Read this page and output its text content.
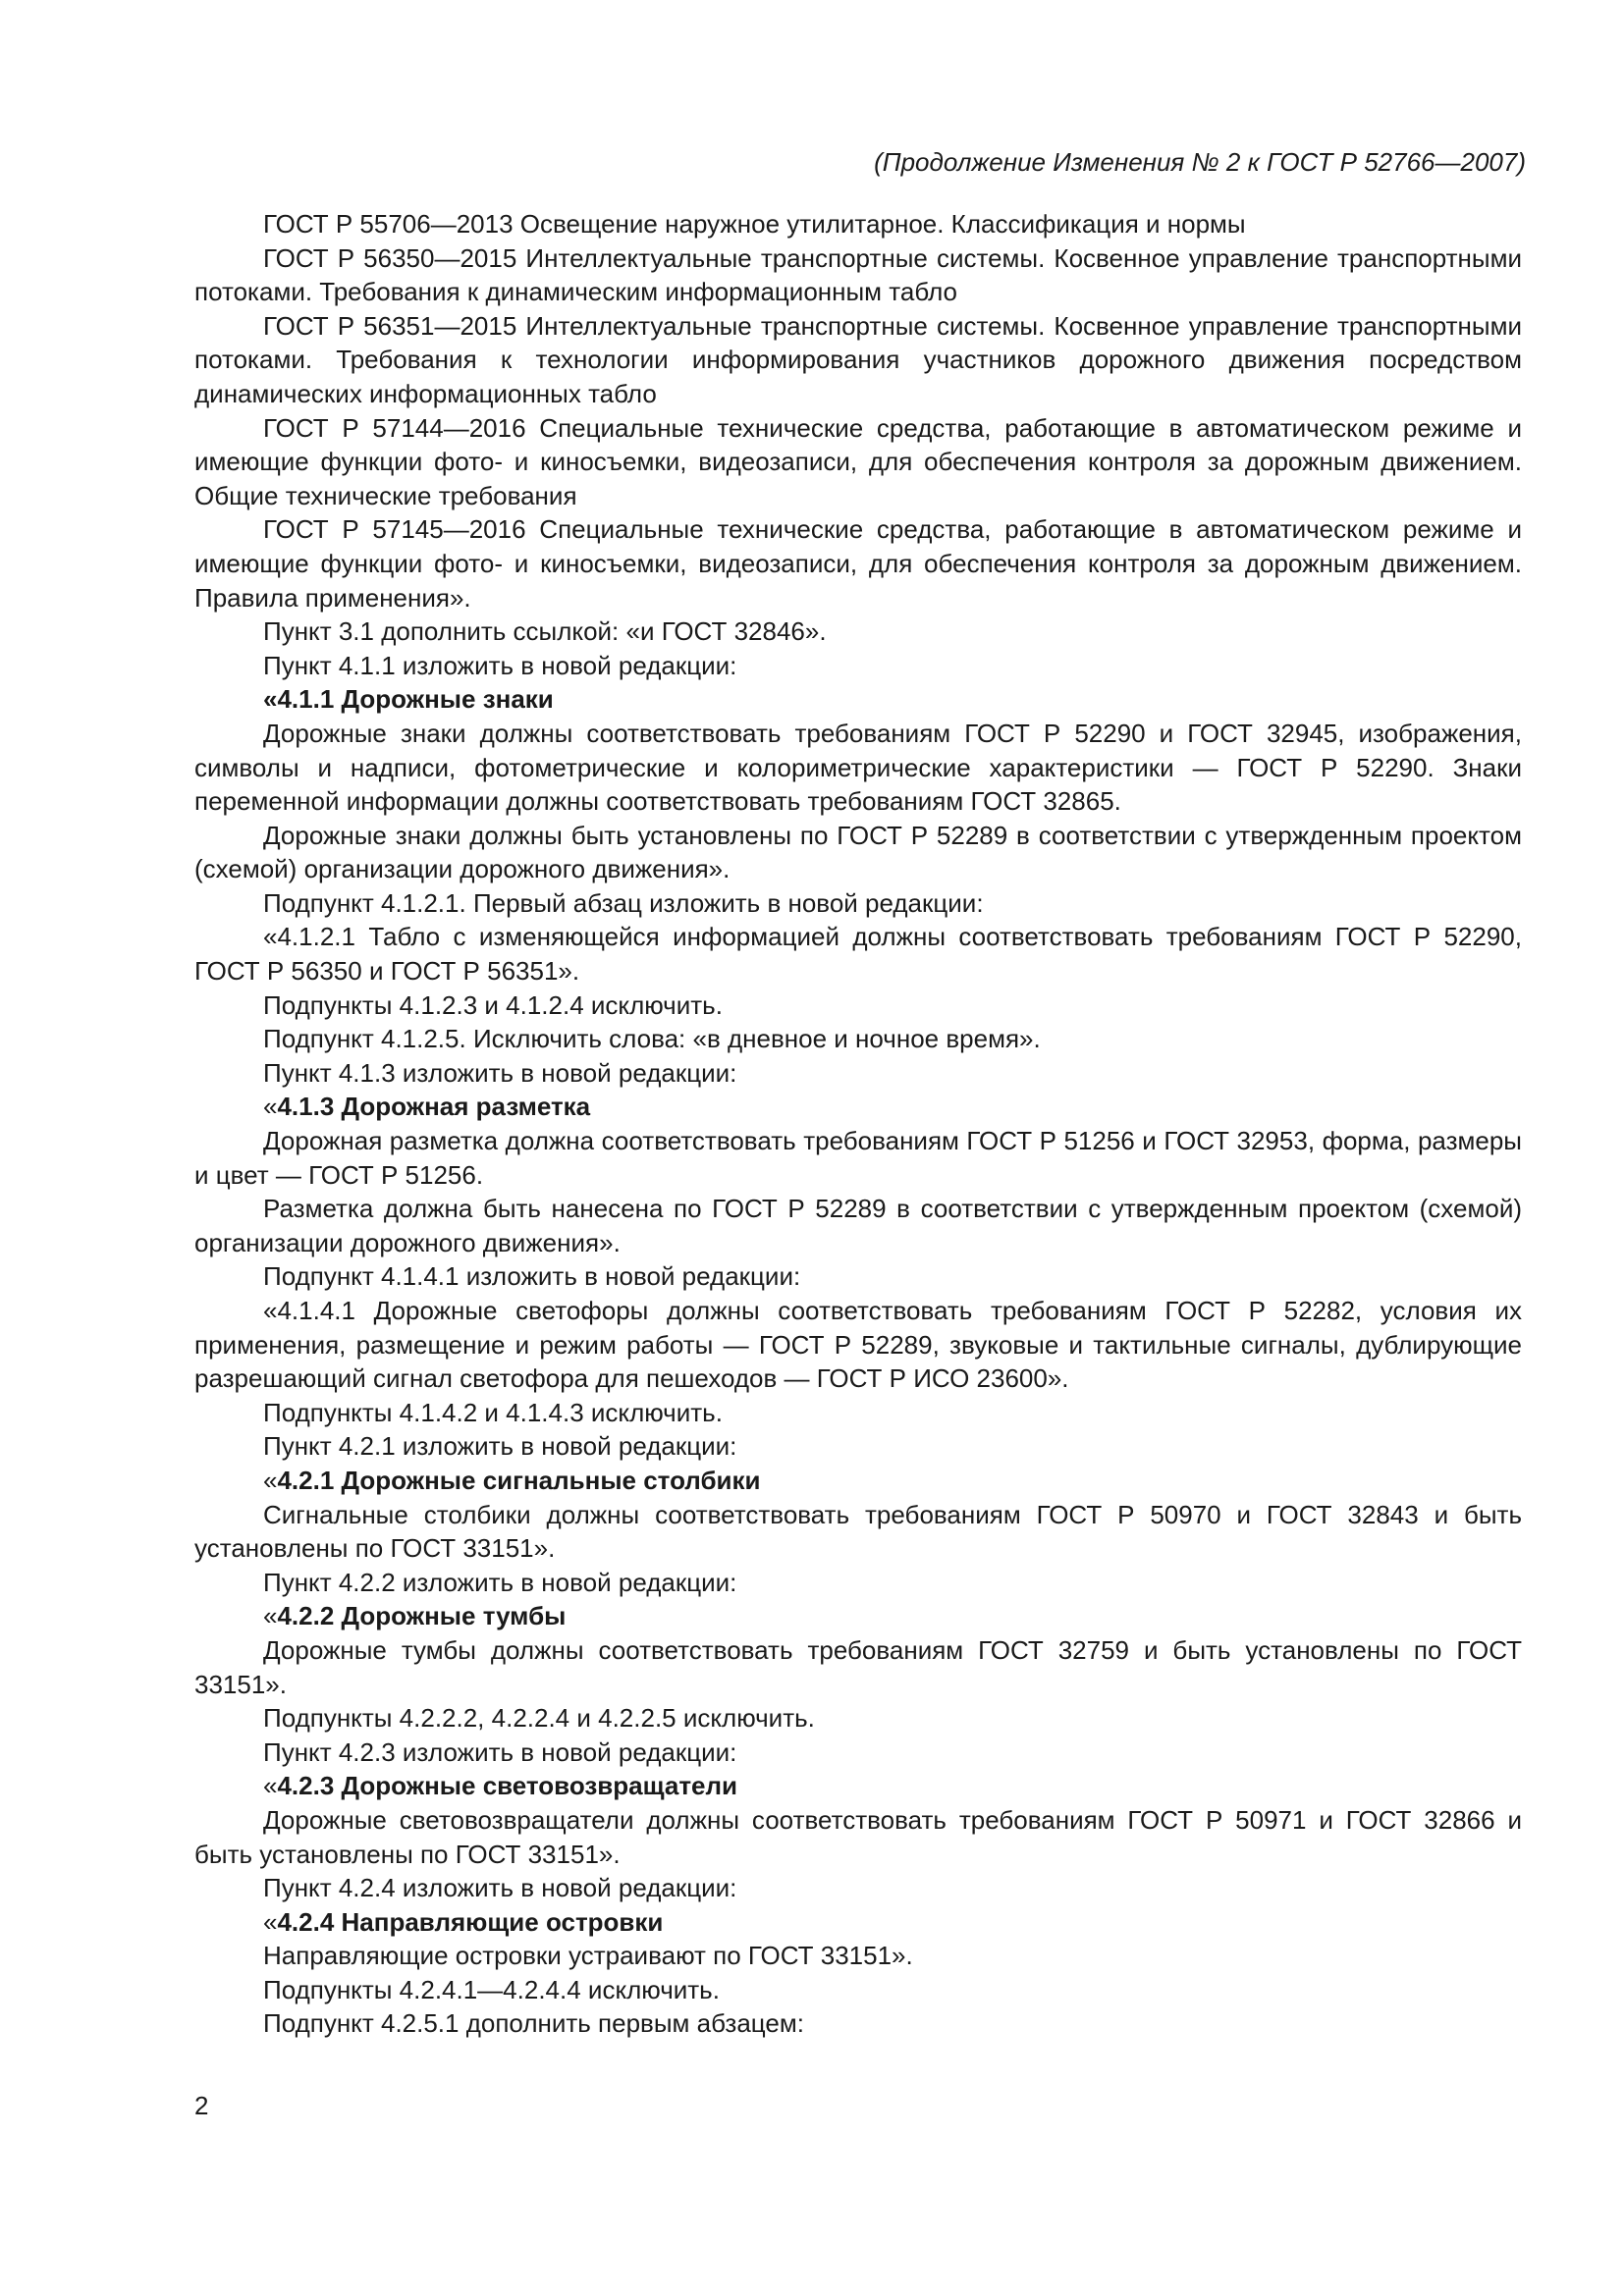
(Продолжение Изменения № 2 к ГОСТ Р 52766—2007)

ГОСТ Р 55706—2013 Освещение наружное утилитарное. Классификация и нормы

ГОСТ Р 56350—2015 Интеллектуальные транспортные системы. Косвенное управление транспортными потоками. Требования к динамическим информационным табло

ГОСТ Р 56351—2015 Интеллектуальные транспортные системы. Косвенное управление транспортными потоками. Требования к технологии информирования участников дорожного движения посредством динамических информационных табло

ГОСТ Р 57144—2016 Специальные технические средства, работающие в автоматическом режиме и имеющие функции фото- и киносъемки, видеозаписи, для обеспечения контроля за дорожным движением. Общие технические требования

ГОСТ Р 57145—2016 Специальные технические средства, работающие в автоматическом режиме и имеющие функции фото- и киносъемки, видеозаписи, для обеспечения контроля за дорожным движением. Правила применения».

Пункт 3.1 дополнить ссылкой: «и ГОСТ 32846».

Пункт 4.1.1 изложить в новой редакции:

«4.1.1 Дорожные знаки

Дорожные знаки должны соответствовать требованиям ГОСТ Р 52290 и ГОСТ 32945, изображения, символы и надписи, фотометрические и колориметрические характеристики — ГОСТ Р 52290. Знаки переменной информации должны соответствовать требованиям ГОСТ 32865.

Дорожные знаки должны быть установлены по ГОСТ Р 52289 в соответствии с утвержденным проектом (схемой) организации дорожного движения».

Подпункт 4.1.2.1. Первый абзац изложить в новой редакции:

«4.1.2.1 Табло с изменяющейся информацией должны соответствовать требованиям ГОСТ Р 52290, ГОСТ Р 56350 и ГОСТ Р 56351».

Подпункты 4.1.2.3 и 4.1.2.4 исключить.

Подпункт 4.1.2.5. Исключить слова: «в дневное и ночное время».

Пункт 4.1.3 изложить в новой редакции:

«4.1.3 Дорожная разметка

Дорожная разметка должна соответствовать требованиям ГОСТ Р 51256 и ГОСТ 32953, форма, размеры и цвет — ГОСТ Р 51256.

Разметка должна быть нанесена по ГОСТ Р 52289 в соответствии с утвержденным проектом (схемой) организации дорожного движения».

Подпункт 4.1.4.1 изложить в новой редакции:

«4.1.4.1 Дорожные светофоры должны соответствовать требованиям ГОСТ Р 52282, условия их применения, размещение и режим работы — ГОСТ Р 52289, звуковые и тактильные сигналы, дублирующие разрешающий сигнал светофора для пешеходов — ГОСТ Р ИСО 23600».

Подпункты 4.1.4.2 и 4.1.4.3 исключить.

Пункт 4.2.1 изложить в новой редакции:

«4.2.1 Дорожные сигнальные столбики

Сигнальные столбики должны соответствовать требованиям ГОСТ Р 50970 и ГОСТ 32843 и быть установлены по ГОСТ 33151».

Пункт 4.2.2 изложить в новой редакции:

«4.2.2 Дорожные тумбы

Дорожные тумбы должны соответствовать требованиям ГОСТ 32759 и быть установлены по ГОСТ 33151».

Подпункты 4.2.2.2, 4.2.2.4 и 4.2.2.5 исключить.

Пункт 4.2.3 изложить в новой редакции:

«4.2.3 Дорожные световозвращатели

Дорожные световозвращатели должны соответствовать требованиям ГОСТ Р 50971 и ГОСТ 32866 и быть установлены по ГОСТ 33151».

Пункт 4.2.4 изложить в новой редакции:

«4.2.4 Направляющие островки

Направляющие островки устраивают по ГОСТ 33151».

Подпункты 4.2.4.1—4.2.4.4 исключить.

Подпункт 4.2.5.1 дополнить первым абзацем:

2
